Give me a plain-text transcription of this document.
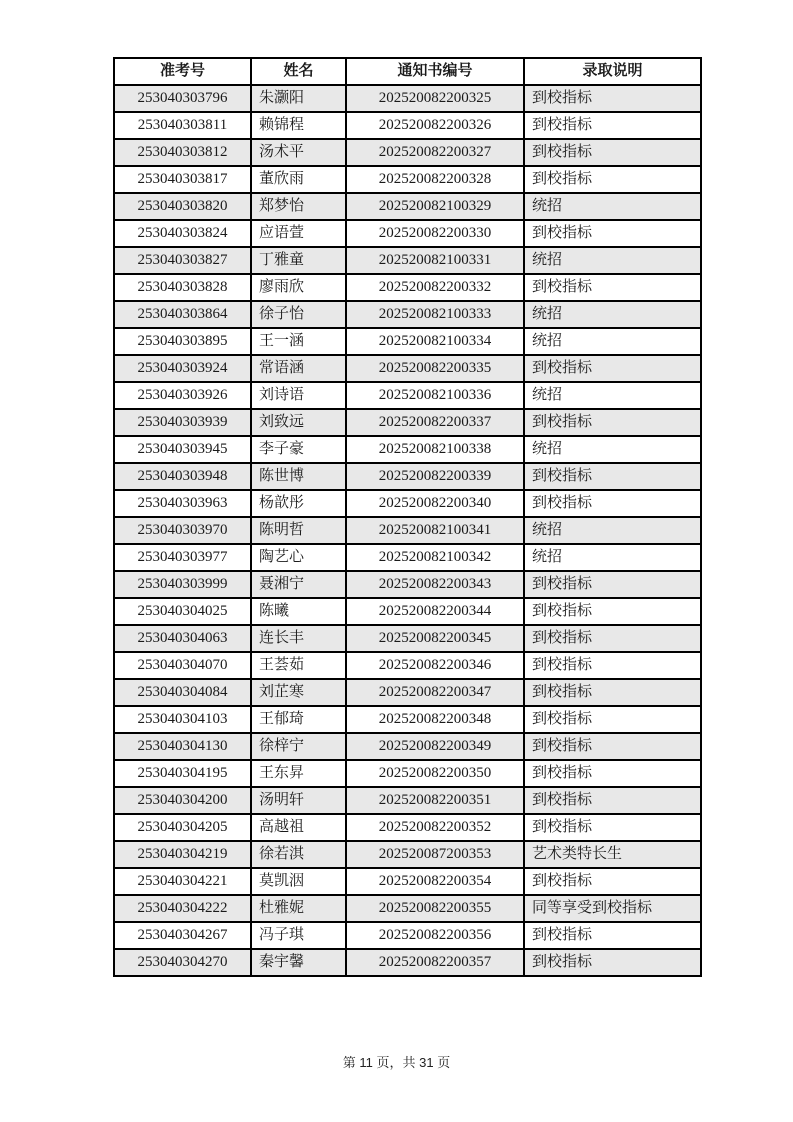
准考号	姓名	通知书编号	录取说明
253040303796	朱灏阳	202520082200325	到校指标
253040303811	赖锦程	202520082200326	到校指标
253040303812	汤术平	202520082200327	到校指标
253040303817	董欣雨	202520082200328	到校指标
253040303820	郑梦怡	202520082100329	统招
253040303824	应语萱	202520082200330	到校指标
253040303827	丁雅童	202520082100331	统招
253040303828	廖雨欣	202520082200332	到校指标
253040303864	徐子怡	202520082100333	统招
253040303895	王一涵	202520082100334	统招
253040303924	常语涵	202520082200335	到校指标
253040303926	刘诗语	202520082100336	统招
253040303939	刘致远	202520082200337	到校指标
253040303945	李子豪	202520082100338	统招
253040303948	陈世博	202520082200339	到校指标
253040303963	杨歆彤	202520082200340	到校指标
253040303970	陈明哲	202520082100341	统招
253040303977	陶艺心	202520082100342	统招
253040303999	聂湘宁	202520082200343	到校指标
253040304025	陈曦	202520082200344	到校指标
253040304063	连长丰	202520082200345	到校指标
253040304070	王荟茹	202520082200346	到校指标
253040304084	刘芷寒	202520082200347	到校指标
253040304103	王郁琦	202520082200348	到校指标
253040304130	徐梓宁	202520082200349	到校指标
253040304195	王东昇	202520082200350	到校指标
253040304200	汤明轩	202520082200351	到校指标
253040304205	高越祖	202520082200352	到校指标
253040304219	徐若淇	202520087200353	艺术类特长生
253040304221	莫凯洇	202520082200354	到校指标
253040304222	杜雅妮	202520082200355	同等享受到校指标
253040304267	冯子琪	202520082200356	到校指标
253040304270	秦宇馨	202520082200357	到校指标
第 11 页，共 31 页
